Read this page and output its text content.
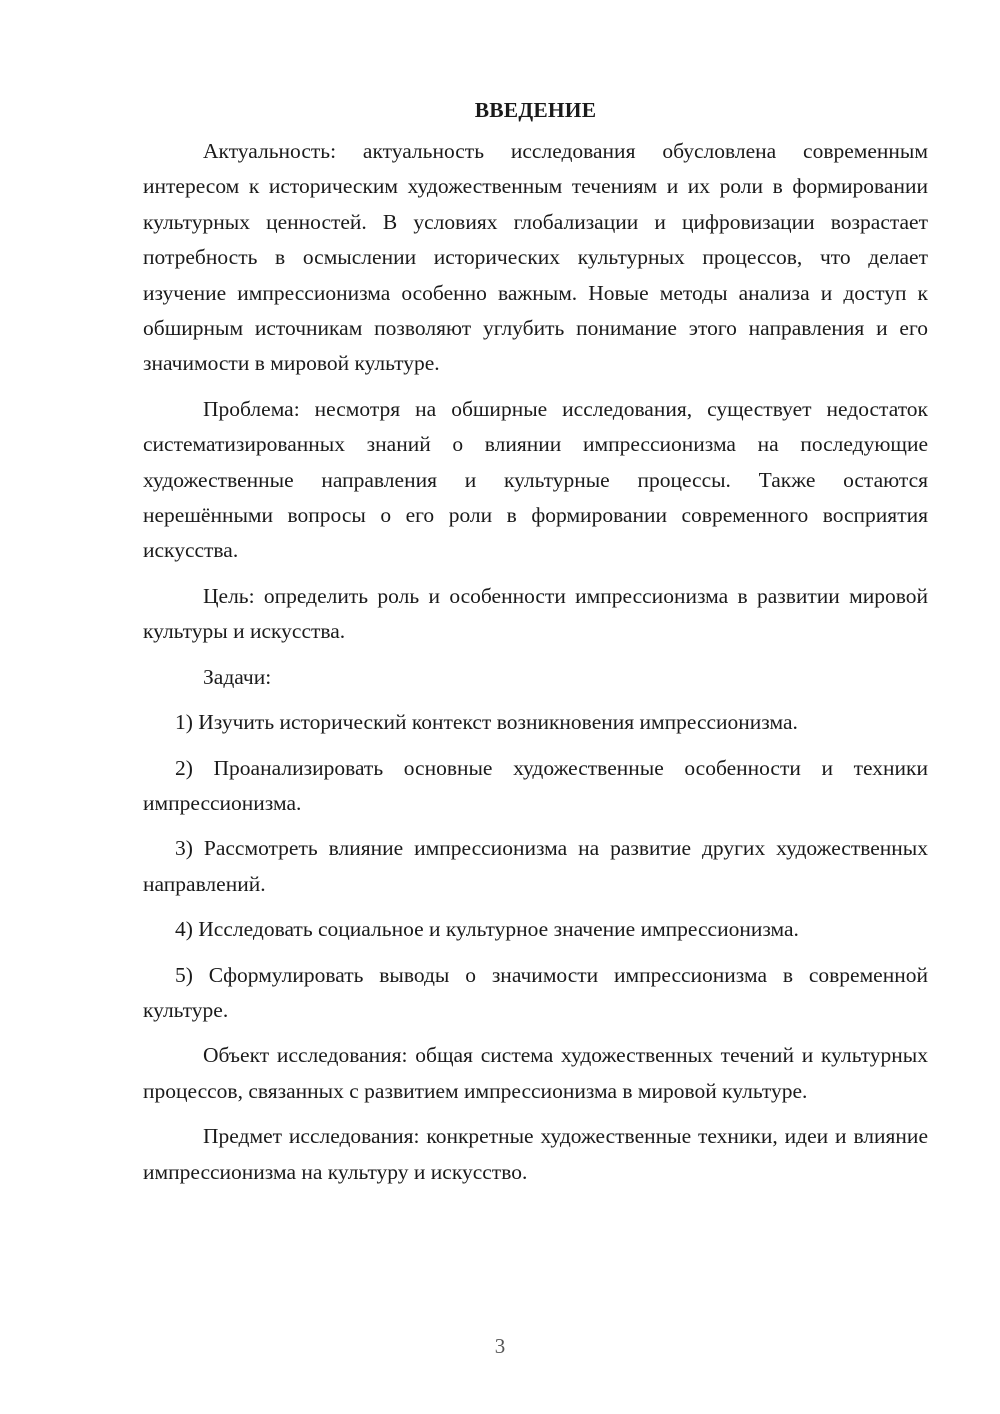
ВВЕДЕНИЕ

Актуальность: актуальность исследования обусловлена современным интересом к историческим художественным течениям и их роли в формировании культурных ценностей. В условиях глобализации и цифровизации возрастает потребность в осмыслении исторических культурных процессов, что делает изучение импрессионизма особенно важным. Новые методы анализа и доступ к обширным источникам позволяют углубить понимание этого направления и его значимости в мировой культуре.

Проблема: несмотря на обширные исследования, существует недостаток систематизированных знаний о влиянии импрессионизма на последующие художественные направления и культурные процессы. Также остаются нерешёнными вопросы о его роли в формировании современного восприятия искусства.

Цель: определить роль и особенности импрессионизма в развитии мировой культуры и искусства.

Задачи:

1) Изучить исторический контекст возникновения импрессионизма.

2) Проанализировать основные художественные особенности и техники импрессионизма.

3) Рассмотреть влияние импрессионизма на развитие других художественных направлений.

4) Исследовать социальное и культурное значение импрессионизма.

5) Сформулировать выводы о значимости импрессионизма в современной культуре.

Объект исследования: общая система художественных течений и культурных процессов, связанных с развитием импрессионизма в мировой культуре.

Предмет исследования: конкретные художественные техники, идеи и влияние импрессионизма на культуру и искусство.

3
